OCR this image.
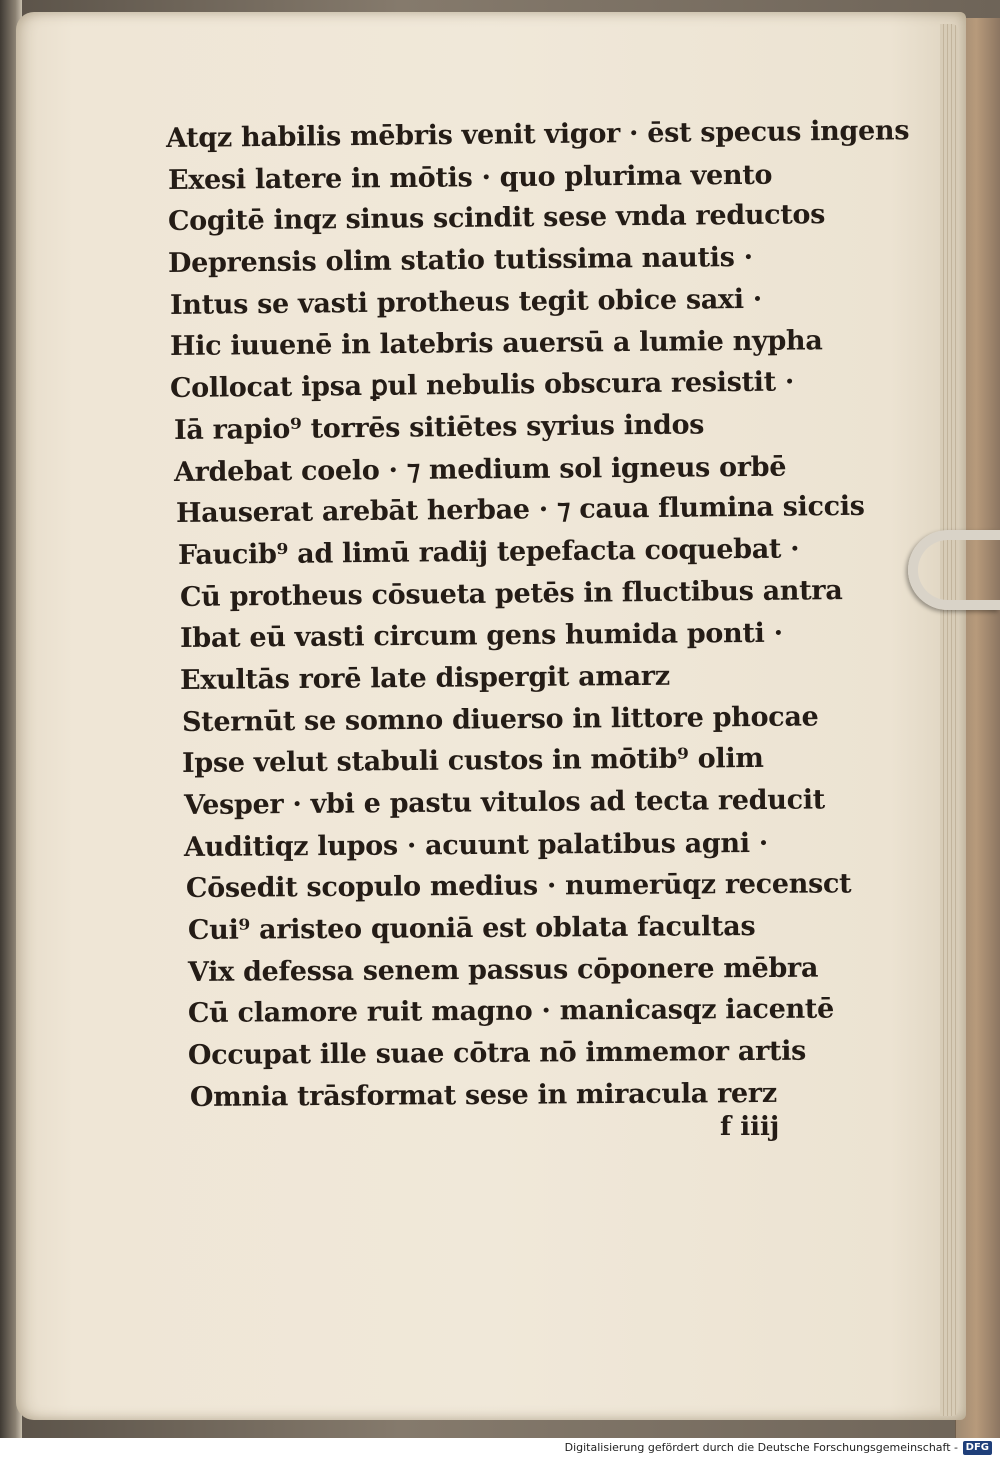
Atqz habilis mēbris venit vigor · ēst specus ingens
Exesi latere in mōtis · quo plurima vento
Cogitē inqz sinus scindit sese vnda reductos
Deprensis olim statio tutissima nautis ·
Intus se vasti protheus tegit obice saxi ·
Hic iuuenē in latebris auersū a lumie nypha
Collocat ipsa ꝑul nebulis obscura resistit ·
Iā rapio⁹ torrēs sitiētes syrius indos
Ardebat coelo · ⁊ medium sol igneus orbē
Hauserat arebāt herbae · ⁊ caua flumina siccis
Faucib⁹ ad limū radij tepefacta coquebat ·
Cū protheus cōsueta petēs in fluctibus antra
Ibat eū vasti circum gens humida ponti ·
Exultās rorē late dispergit amarz
Sternūt se somno diuerso in littore phocae
Ipse velut stabuli custos in mōtib⁹ olim
Vesper · vbi e pastu vitulos ad tecta reducit
Auditiqz lupos · acuunt palatibus agni ·
Cōsedit scopulo medius · numerūqz recensct
Cui⁹ aristeo quoniā est oblata facultas
Vix defessa senem passus cōponere mēbra
Cū clamore ruit magno · manicasqz iacentē
Occupat ille suae cōtra nō immemor artis
Omnia trāsformat sese in miracula rerz
f iiij
Digitalisierung gefördert durch die Deutsche Forschungsgemeinschaft - DFG
